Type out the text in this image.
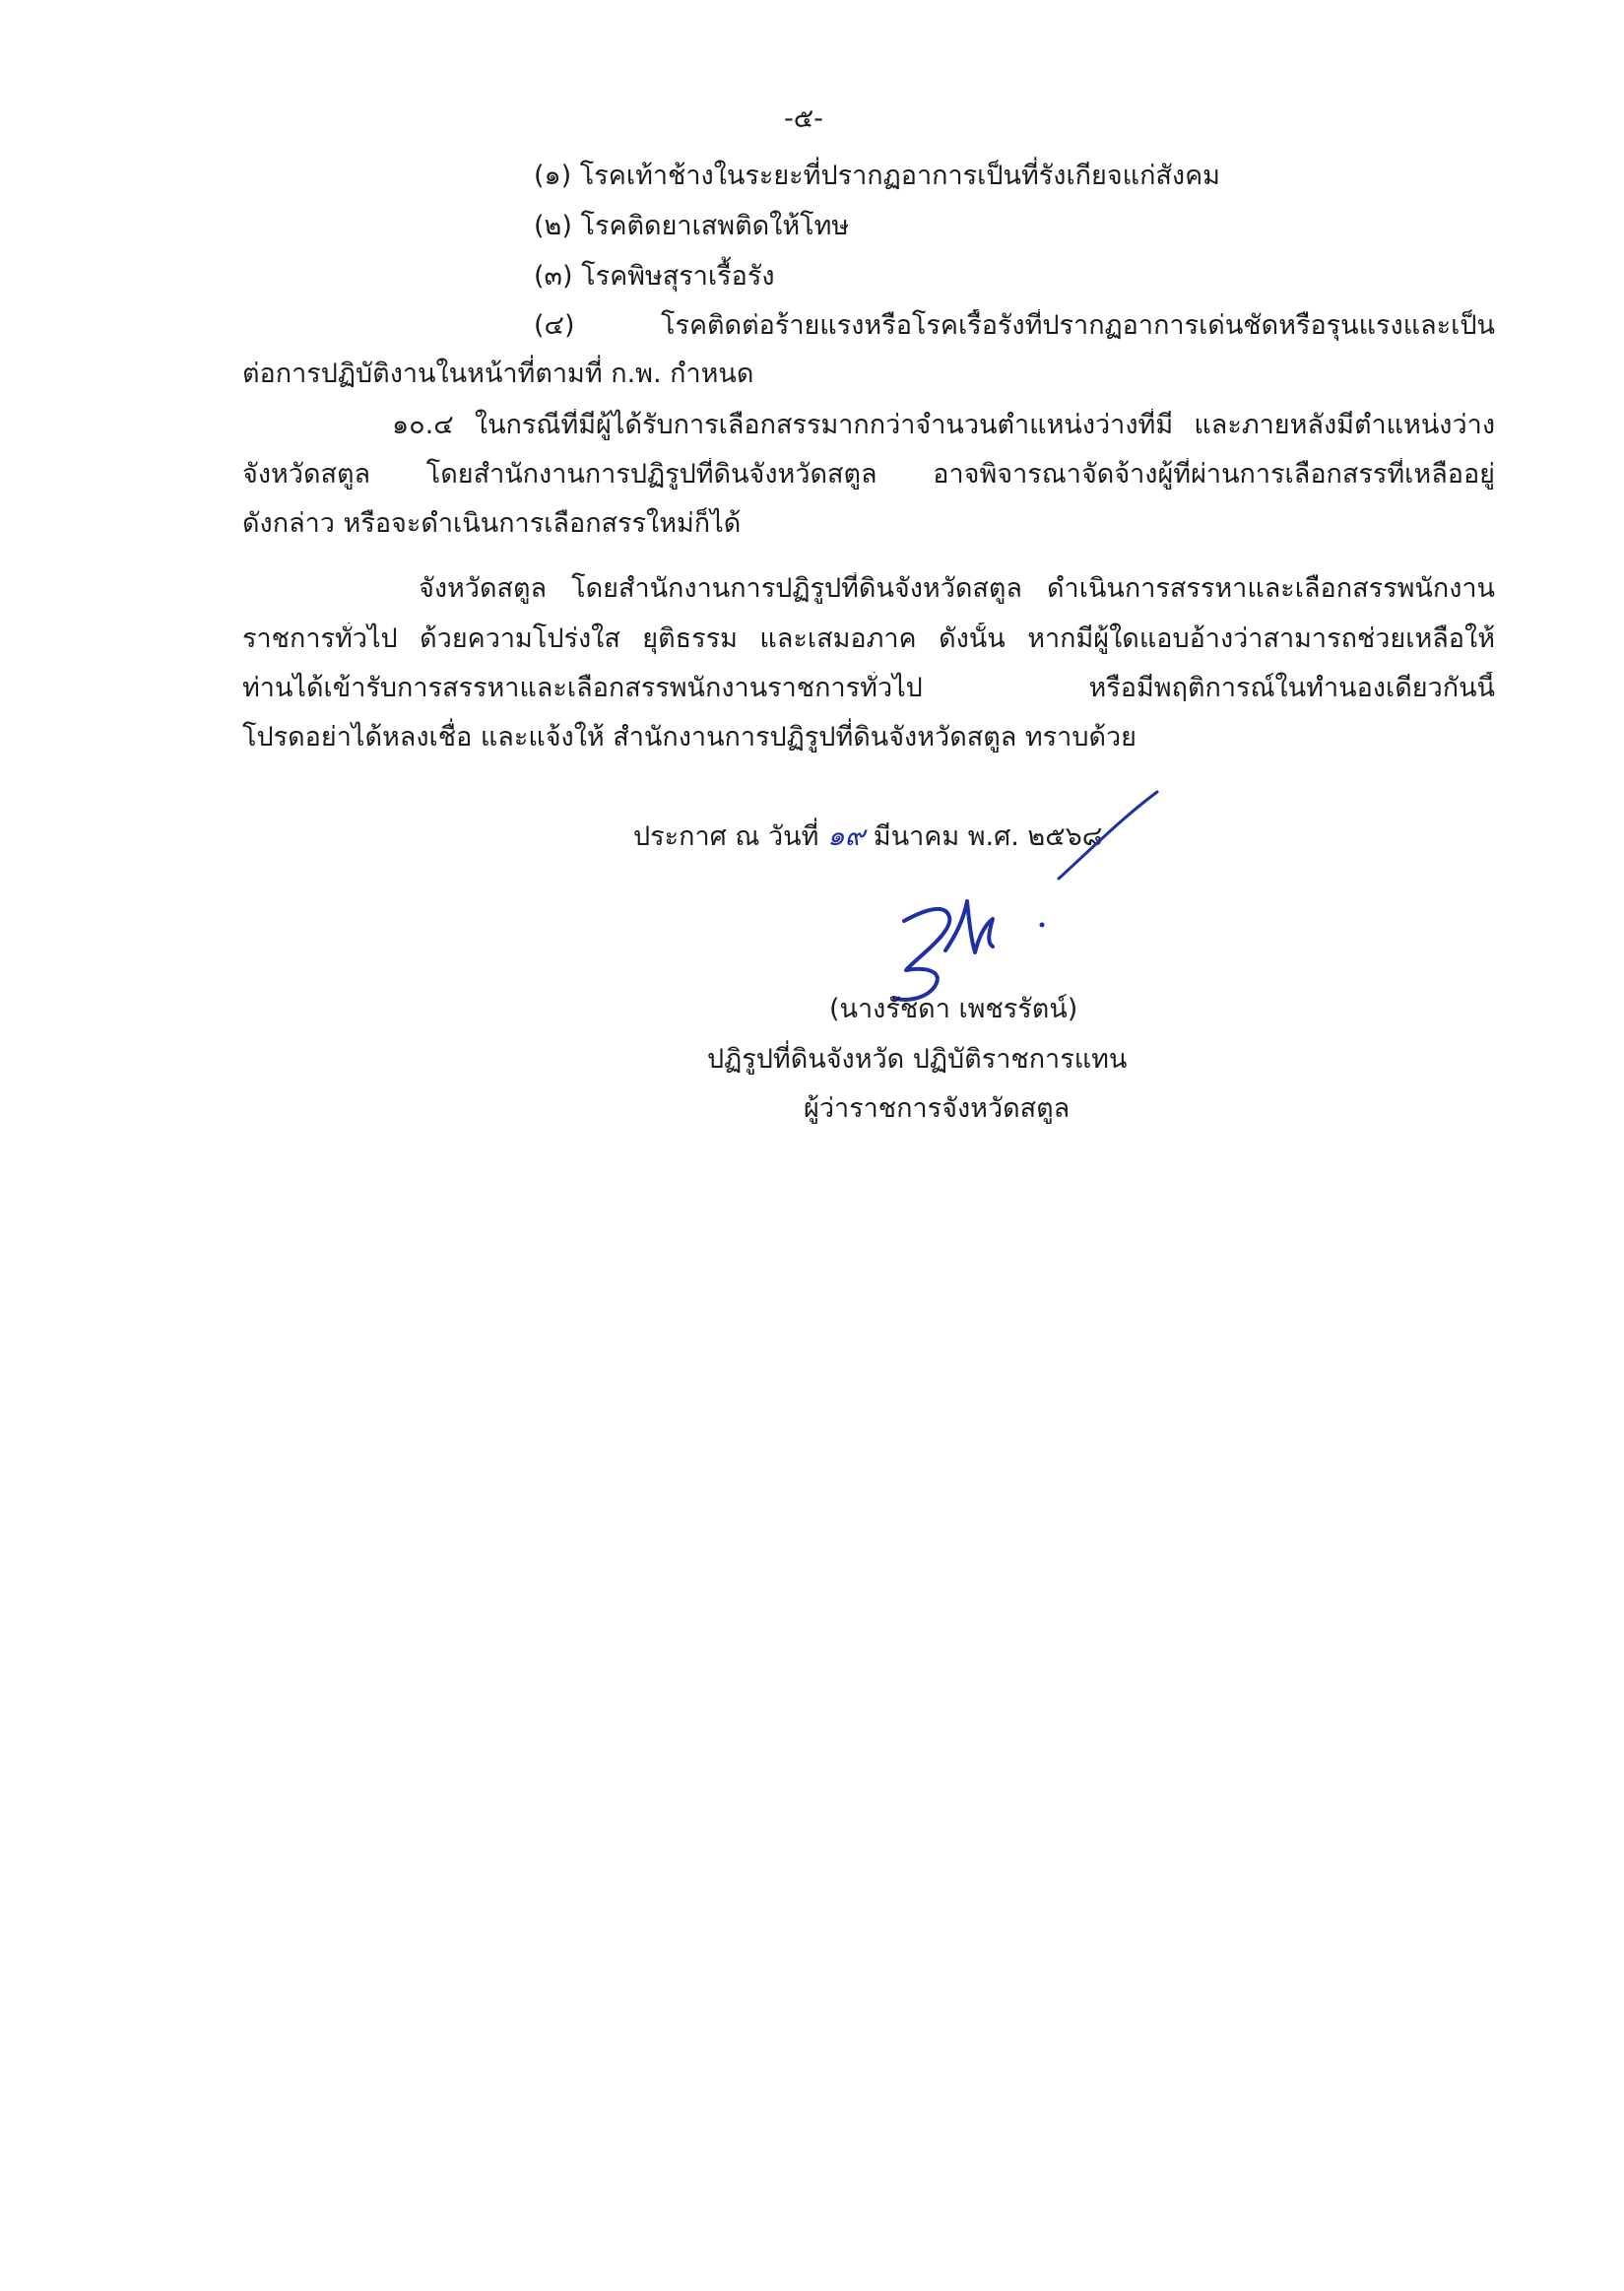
-๕-
(๑) โรคเท้าช้างในระยะที่ปรากฏอาการเป็นที่รังเกียจแก่สังคม
(๒) โรคติดยาเสพติดให้โทษ
(๓) โรคพิษสุราเรื้อรัง
(๔) โรคติดต่อร้ายแรงหรือโรคเรื้อรังที่ปรากฏอาการเด่นชัดหรือรุนแรงและเป็น
ต่อการปฏิบัติงานในหน้าที่ตามที่ ก.พ. กำหนด
๑๐.๔ ในกรณีที่มีผู้ได้รับการเลือกสรรมากกว่าจำนวนตำแหน่งว่างที่มี และภายหลังมีตำแหน่งว่าง
จังหวัดสตูล โดยสำนักงานการปฏิรูปที่ดินจังหวัดสตูล อาจพิจารณาจัดจ้างผู้ที่ผ่านการเลือกสรรที่เหลืออยู่
ดังกล่าว หรือจะดำเนินการเลือกสรรใหม่ก็ได้
จังหวัดสตูล โดยสำนักงานการปฏิรูปที่ดินจังหวัดสตูล ดำเนินการสรรหาและเลือกสรรพนักงาน
ราชการทั่วไป ด้วยความโปร่งใส ยุติธรรม และเสมอภาค ดังนั้น หากมีผู้ใดแอบอ้างว่าสามารถช่วยเหลือให้
ท่านได้เข้ารับการสรรหาและเลือกสรรพนักงานราชการทั่วไป หรือมีพฤติการณ์ในทำนองเดียวกันนี้
โปรดอย่าได้หลงเชื่อ และแจ้งให้ สำนักงานการปฏิรูปที่ดินจังหวัดสตูล ทราบด้วย
ประกาศ ณ วันที่ ๑๙ มีนาคม พ.ศ. ๒๕๖๘
(นางรัชดา เพชรรัตน์)
ปฏิรูปที่ดินจังหวัด ปฏิบัติราชการแทน
ผู้ว่าราชการจังหวัดสตูล
